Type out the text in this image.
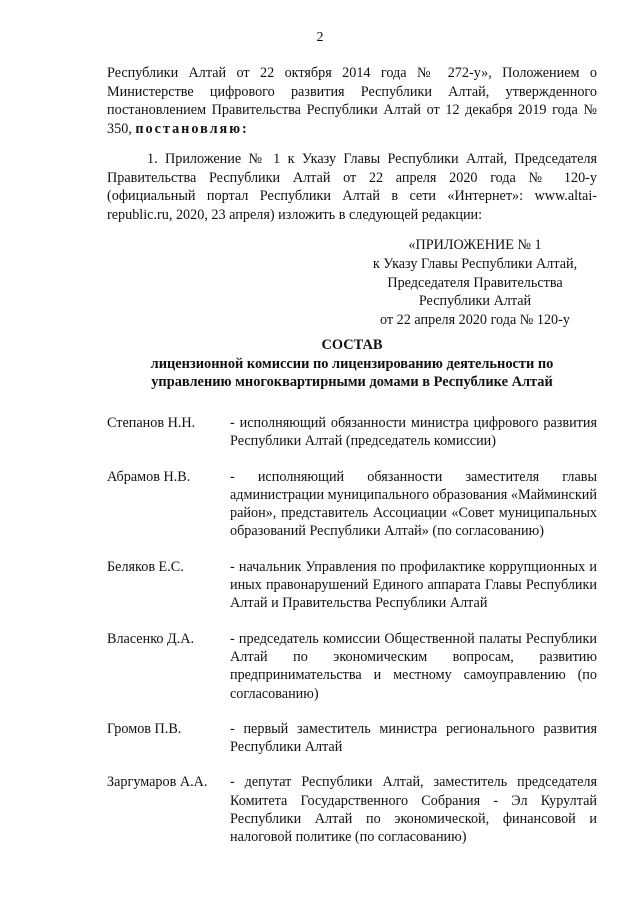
2
Республики Алтай от 22 октября 2014 года № 272-у», Положением о Министерстве цифрового развития Республики Алтай, утвержденного постановлением Правительства Республики Алтай от 12 декабря 2019 года № 350, постановляю:
1. Приложение № 1 к Указу Главы Республики Алтай, Председателя Правительства Республики Алтай от 22 апреля 2020 года № 120-у (официальный портал Республики Алтай в сети «Интернет»: www.altai-republic.ru, 2020, 23 апреля) изложить в следующей редакции:
«ПРИЛОЖЕНИЕ № 1
к Указу Главы Республики Алтай,
Председателя Правительства
Республики Алтай
от 22 апреля 2020 года № 120-у
СОСТАВ
лицензионной комиссии по лицензированию деятельности по
управлению многоквартирными домами в Республике Алтай
Степанов Н.Н.	- исполняющий обязанности министра цифрового развития Республики Алтай (председатель комиссии)
Абрамов Н.В.	- исполняющий обязанности заместителя главы администрации муниципального образования «Майминский район», представитель Ассоциации «Совет муниципальных образований Республики Алтай» (по согласованию)
Беляков Е.С.	- начальник Управления по профилактике коррупционных и иных правонарушений Единого аппарата Главы Республики Алтай и Правительства Республики Алтай
Власенко Д.А.	- председатель комиссии Общественной палаты Республики Алтай по экономическим вопросам, развитию предпринимательства и местному самоуправлению (по согласованию)
Громов П.В.	- первый заместитель министра регионального развития Республики Алтай
Заргумаров А.А.	- депутат Республики Алтай, заместитель председателя Комитета Государственного Собрания - Эл Курултай Республики Алтай по экономической, финансовой и налоговой политике (по согласованию)
